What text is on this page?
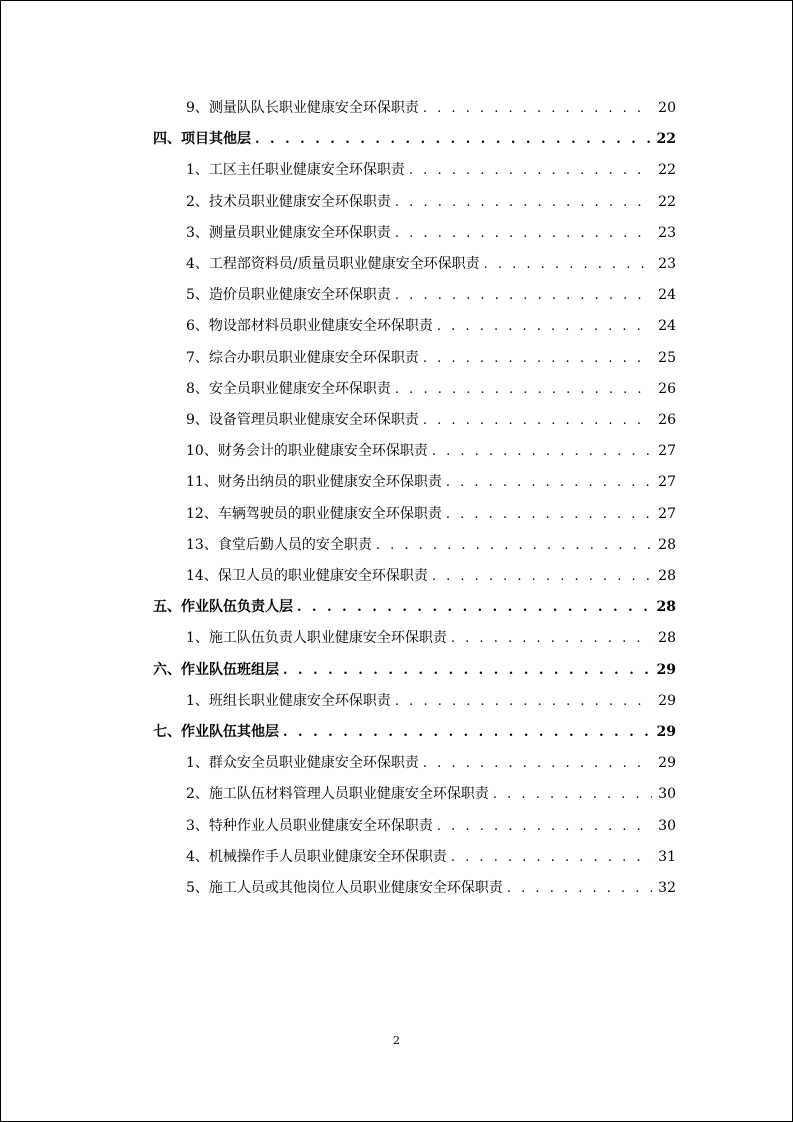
9、测量队队长职业健康安全环保职责 . . .	20
四、项目其他层 . . .	22
1、工区主任职业健康安全环保职责 . . .	22
2、技术员职业健康安全环保职责 . . .	22
3、测量员职业健康安全环保职责 . . .	23
4、工程部资料员/质量员职业健康安全环保职责 . . .	23
5、造价员职业健康安全环保职责 . . .	24
6、物设部材料员职业健康安全环保职责 . . .	24
7、综合办职员职业健康安全环保职责 . . .	25
8、安全员职业健康安全环保职责 . . .	26
9、设备管理员职业健康安全环保职责 . . .	26
10、财务会计的职业健康安全环保职责 . . .	27
11、财务出纳员的职业健康安全环保职责 . . .	27
12、车辆驾驶员的职业健康安全环保职责 . . .	27
13、食堂后勤人员的安全职责 . . .	28
14、保卫人员的职业健康安全环保职责 . . .	28
五、作业队伍负责人层 . . .	28
1、施工队伍负责人职业健康安全环保职责 . . .	28
六、作业队伍班组层 . . .	29
1、班组长职业健康安全环保职责 . . .	29
七、作业队伍其他层 . . .	29
1、群众安全员职业健康安全环保职责 . . .	29
2、施工队伍材料管理人员职业健康安全环保职责 . . .	30
3、特种作业人员职业健康安全环保职责 . . .	30
4、机械操作手人员职业健康安全环保职责 . . .	31
5、施工人员或其他岗位人员职业健康安全环保职责 . . .	32
2
